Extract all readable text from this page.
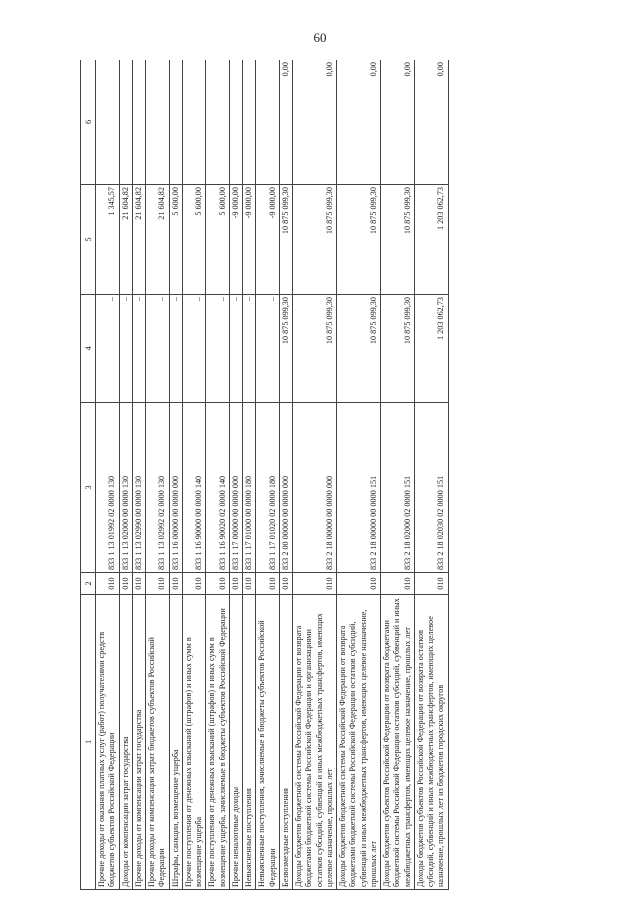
60
1	2	3	4	5	6
Прочие доходы от оказания платных услуг (работ) получателями средств бюджетов субъектов Российской Федерации	010	833 1 13 01992 02 0000 130	–	1 345,57	
Доходы от компенсации затрат государства	010	833 1 13 02000 00 0000 130	–	21 604,82	
Прочие доходы от компенсации затрат государства	010	833 1 13 02990 00 0000 130	–	21 604,82	
Прочие доходы от компенсации затрат бюджетов субъектов Российской Федерации	010	833 1 13 02992 02 0000 130	–	21 604,82	
Штрафы, санкции, возмещение ущерба	010	833 1 16 00000 00 0000 000	–	5 600,00	
Прочие поступления от денежных взысканий (штрафов) и иных сумм в возмещение ущерба	010	833 1 16 90000 00 0000 140	–	5 600,00	
Прочие поступления от денежных взысканий (штрафов) и иных сумм в возмещение ущерба, зачисляемые в бюджеты субъектов Российской Федерации	010	833 1 16 90020 02 0000 140	–	5 600,00	
Прочие неналоговые доходы	010	833 1 17 00000 00 0000 000	–	-9 000,00	
Невыясненные поступления	010	833 1 17 01000 00 0000 180	–	-9 000,00	
Невыясненные поступления, зачисляемые в бюджеты субъектов Российской Федерации	010	833 1 17 01020 02 0000 180	–	-9 000,00	
Безвозмездные поступления	010	833 2 00 00000 00 0000 000	10 875 099,30	10 875 099,30	0,00
Доходы бюджетов бюджетной системы Российской Федерации от возврата бюджетами бюджетной системы Российской Федерации и организациями остатков субсидий, субвенций и иных межбюджетных трансфертов, имеющих целевое назначение, прошлых лет	010	833 2 18 00000 00 0000 000	10 875 099,30	10 875 099,30	0,00
Доходы бюджетов бюджетной системы Российской Федерации от возврата бюджетами бюджетной системы Российской Федерации остатков субсидий, субвенций и иных межбюджетных трансфертов, имеющих целевое назначение, прошлых лет	010	833 2 18 00000 00 0000 151	10 875 099,30	10 875 099,30	0,00
Доходы бюджетов субъектов Российской Федерации от возврата бюджетами бюджетной системы Российской Федерации остатков субсидий, субвенций и иных межбюджетных трансфертов, имеющих целевое назначение, прошлых лет	010	833 2 18 02000 02 0000 151	10 875 099,30	10 875 099,30	0,00
Доходы бюджетов субъектов Российской Федерации от возврата остатков субсидий, субвенций и иных межбюджетных трансфертов, имеющих целевое назначение, прошлых лет из бюджетов городских округов	010	833 2 18 02030 02 0000 151	1 203 062,73	1 203 062,73	0,00
